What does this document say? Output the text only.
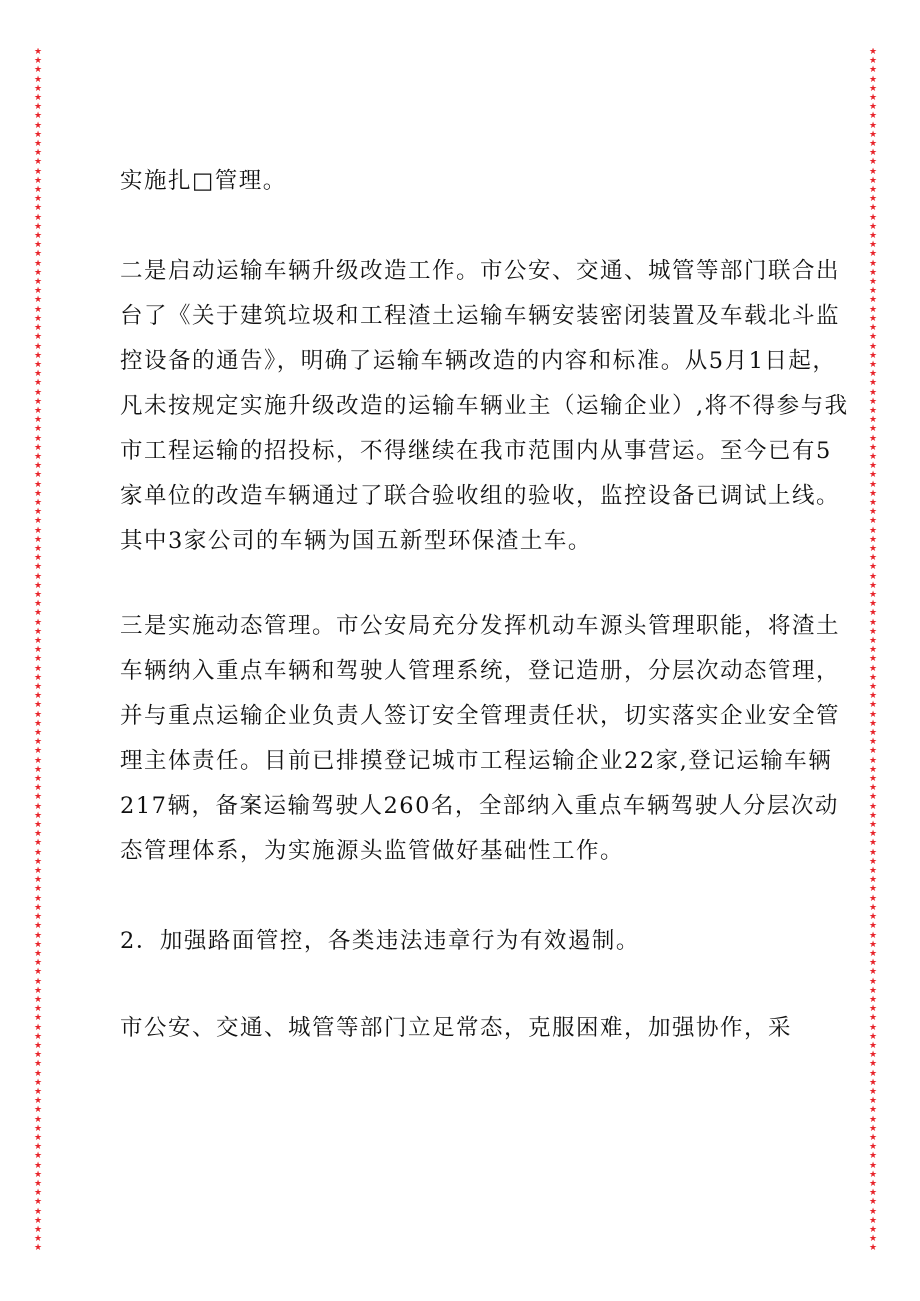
★
★
★
★
★
★
★
★
★
★
★
★
★
★
★
★
★
★
★
★
★
★
★
★
★
★
★
★
★
★
★
★
★
★
★
★
★
★
★
★
★
★
★
★
★
★
★
★
★
★
★
★
★
★
★
★
★
★
★
★
★
★
★
★
★
★
★
★
★
★
★
★
★
★
★
★
★
★
★
★
★
★
★
★
★
★
★
★
★
★
★
★
★
★
★
★
★
★
★
★
★
★
★
★
★
★
★
★
★
★
★
★
★
★
★
★
★
★
★
★
★
★
★
★
★
★
★
★
★
★
★
★
★
★
★
★
★
★
★
★
★
★
★
★
★
★
★
★
★
★
★
★
★
★
★
★
★
★
★
★
★
★
★
★
★
★
★
★
★
★
★
★
★
★
★
★
★
★
★
★
★
★
★
★
★
★
★
★
★
★
★
★
★
★
★
★
★
★
★
★
★
★
★
★
★
★
★
★
★
★
★
★
★
★
★
★
★
★
★
★
★
★
★
★
★
★
★
★
★
★
★
★
★
★
★
★
★
★
★
★
★
★
★
★
★
★
★
★
★
★
★
★
★
★
★
★
★
★
★
★
★
★
实施扎□管理。
二是启动运输车辆升级改造工作。市公安、交通、城管等部门联合出
台了《关于建筑垃圾和工程渣土运输车辆安装密闭装置及车载北斗监
控设备的通告》，明确了运输车辆改造的内容和标准。从5月1日起，
凡未按规定实施升级改造的运输车辆业主（运输企业）,将不得参与我
市工程运输的招投标，不得继续在我市范围内从事营运。至今已有5
家单位的改造车辆通过了联合验收组的验收，监控设备已调试上线。
其中3家公司的车辆为国五新型环保渣土车。
三是实施动态管理。市公安局充分发挥机动车源头管理职能，将渣土
车辆纳入重点车辆和驾驶人管理系统，登记造册，分层次动态管理，
并与重点运输企业负责人签订安全管理责任状，切实落实企业安全管
理主体责任。目前已排摸登记城市工程运输企业22家,登记运输车辆
217辆，备案运输驾驶人260名，全部纳入重点车辆驾驶人分层次动
态管理体系，为实施源头监管做好基础性工作。
2．加强路面管控，各类违法违章行为有效遏制。
市公安、交通、城管等部门立足常态，克服困难，加强协作，采
